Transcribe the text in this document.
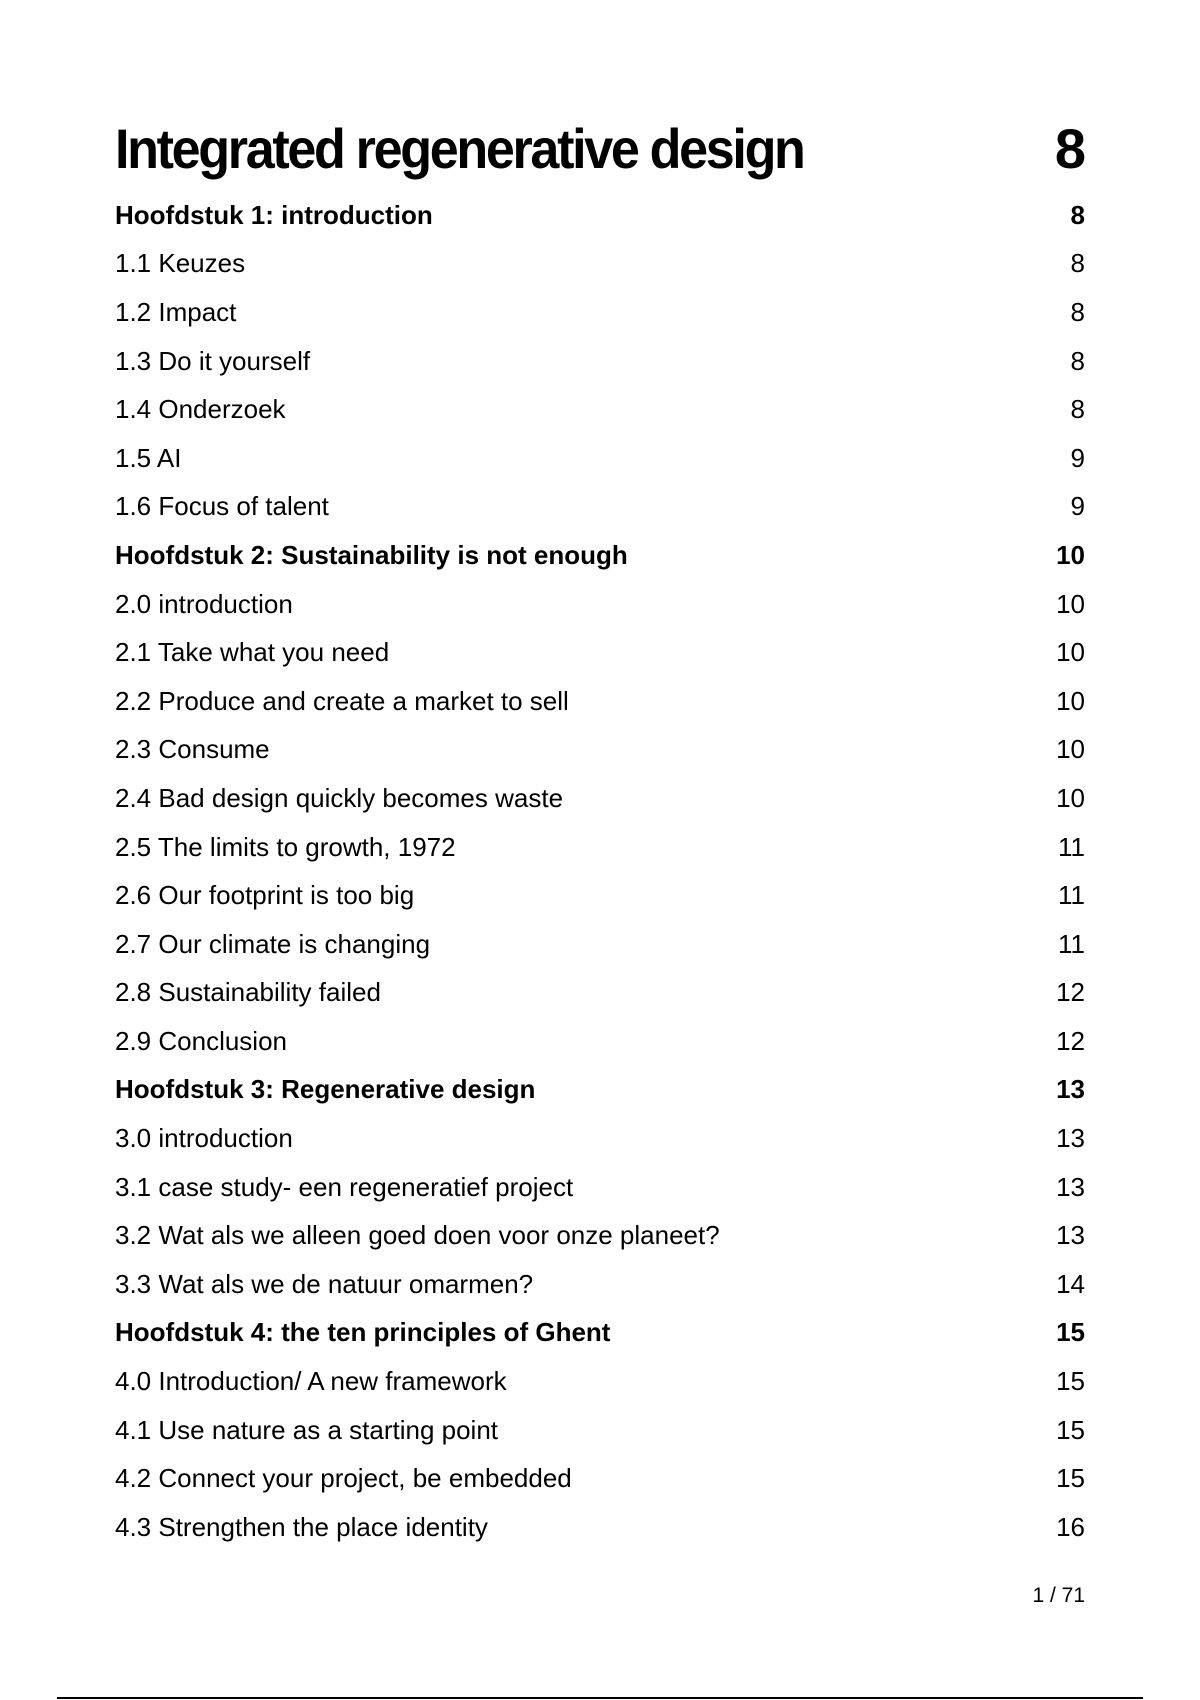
Integrated regenerative design	8
Hoofdstuk 1: introduction	8
1.1 Keuzes	8
1.2 Impact	8
1.3 Do it yourself	8
1.4 Onderzoek	8
1.5 AI	9
1.6 Focus of talent	9
Hoofdstuk 2: Sustainability is not enough	10
2.0 introduction	10
2.1 Take what you need	10
2.2 Produce and create a market to sell	10
2.3 Consume	10
2.4 Bad design quickly becomes waste	10
2.5 The limits to growth, 1972	11
2.6 Our footprint is too big	11
2.7 Our climate is changing	11
2.8 Sustainability failed	12
2.9 Conclusion	12
Hoofdstuk 3: Regenerative design	13
3.0 introduction	13
3.1 case study- een regeneratief project	13
3.2 Wat als we alleen goed doen voor onze planeet?	13
3.3 Wat als we de natuur omarmen?	14
Hoofdstuk 4: the ten principles of Ghent	15
4.0 Introduction/ A new framework	15
4.1 Use nature as a starting point	15
4.2 Connect your project, be embedded	15
4.3 Strengthen the place identity	16
1 / 71
